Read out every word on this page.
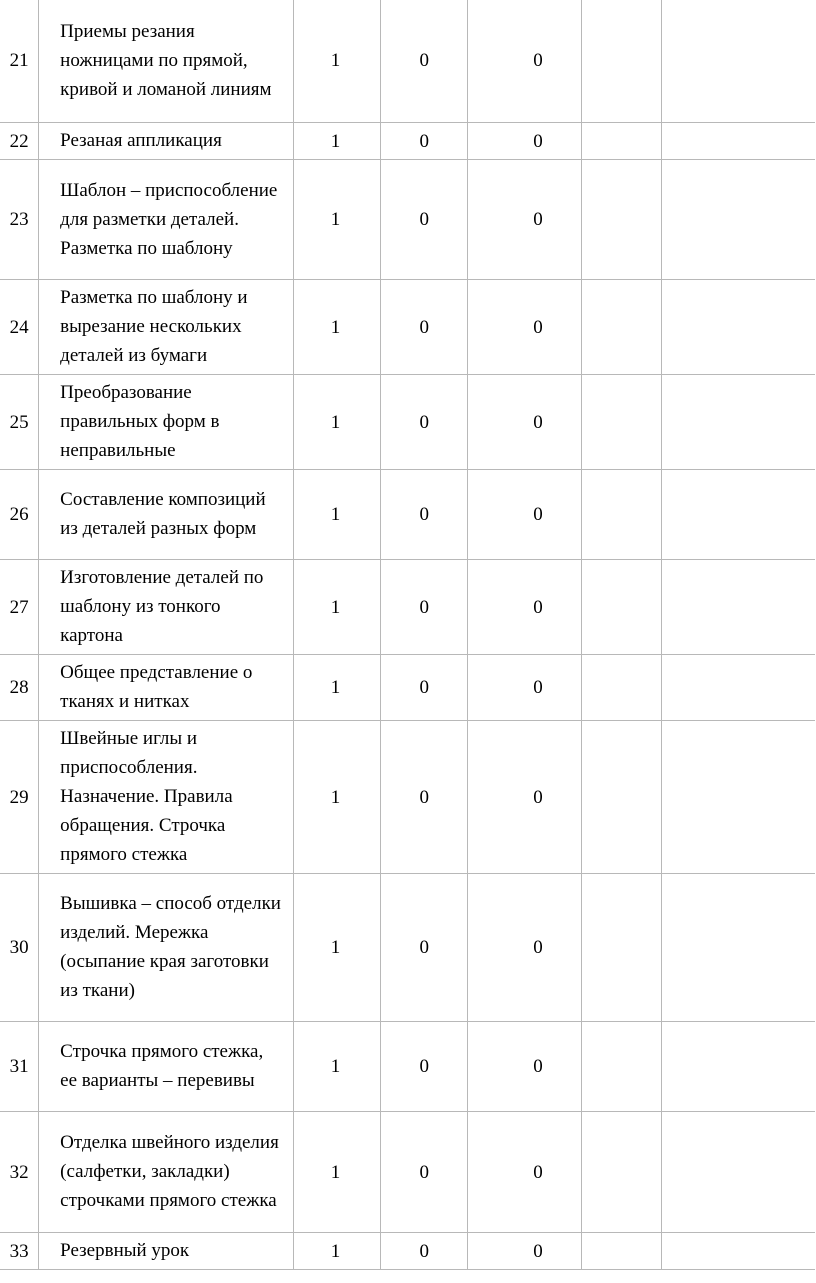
21	Приемы резания ножницами по прямой, кривой и ломаной линиям	1	0	0		
22	Резаная аппликация	1	0	0		
23	Шаблон – приспособление для разметки деталей. Разметка по шаблону	1	0	0		
24	Разметка по шаблону и вырезание нескольких деталей из бумаги	1	0	0		
25	Преобразование правильных форм в неправильные	1	0	0		
26	Составление композиций из деталей разных форм	1	0	0		
27	Изготовление деталей по шаблону из тонкого картона	1	0	0		
28	Общее представление о тканях и нитках	1	0	0		
29	Швейные иглы и приспособления. Назначение. Правила обращения. Строчка прямого стежка	1	0	0		
30	Вышивка – способ отделки изделий. Мережка (осыпание края заготовки из ткани)	1	0	0		
31	Строчка прямого стежка, ее варианты – перевивы	1	0	0		
32	Отделка швейного изделия (салфетки, закладки) строчками прямого стежка	1	0	0		
33	Резервный урок	1	0	0		
